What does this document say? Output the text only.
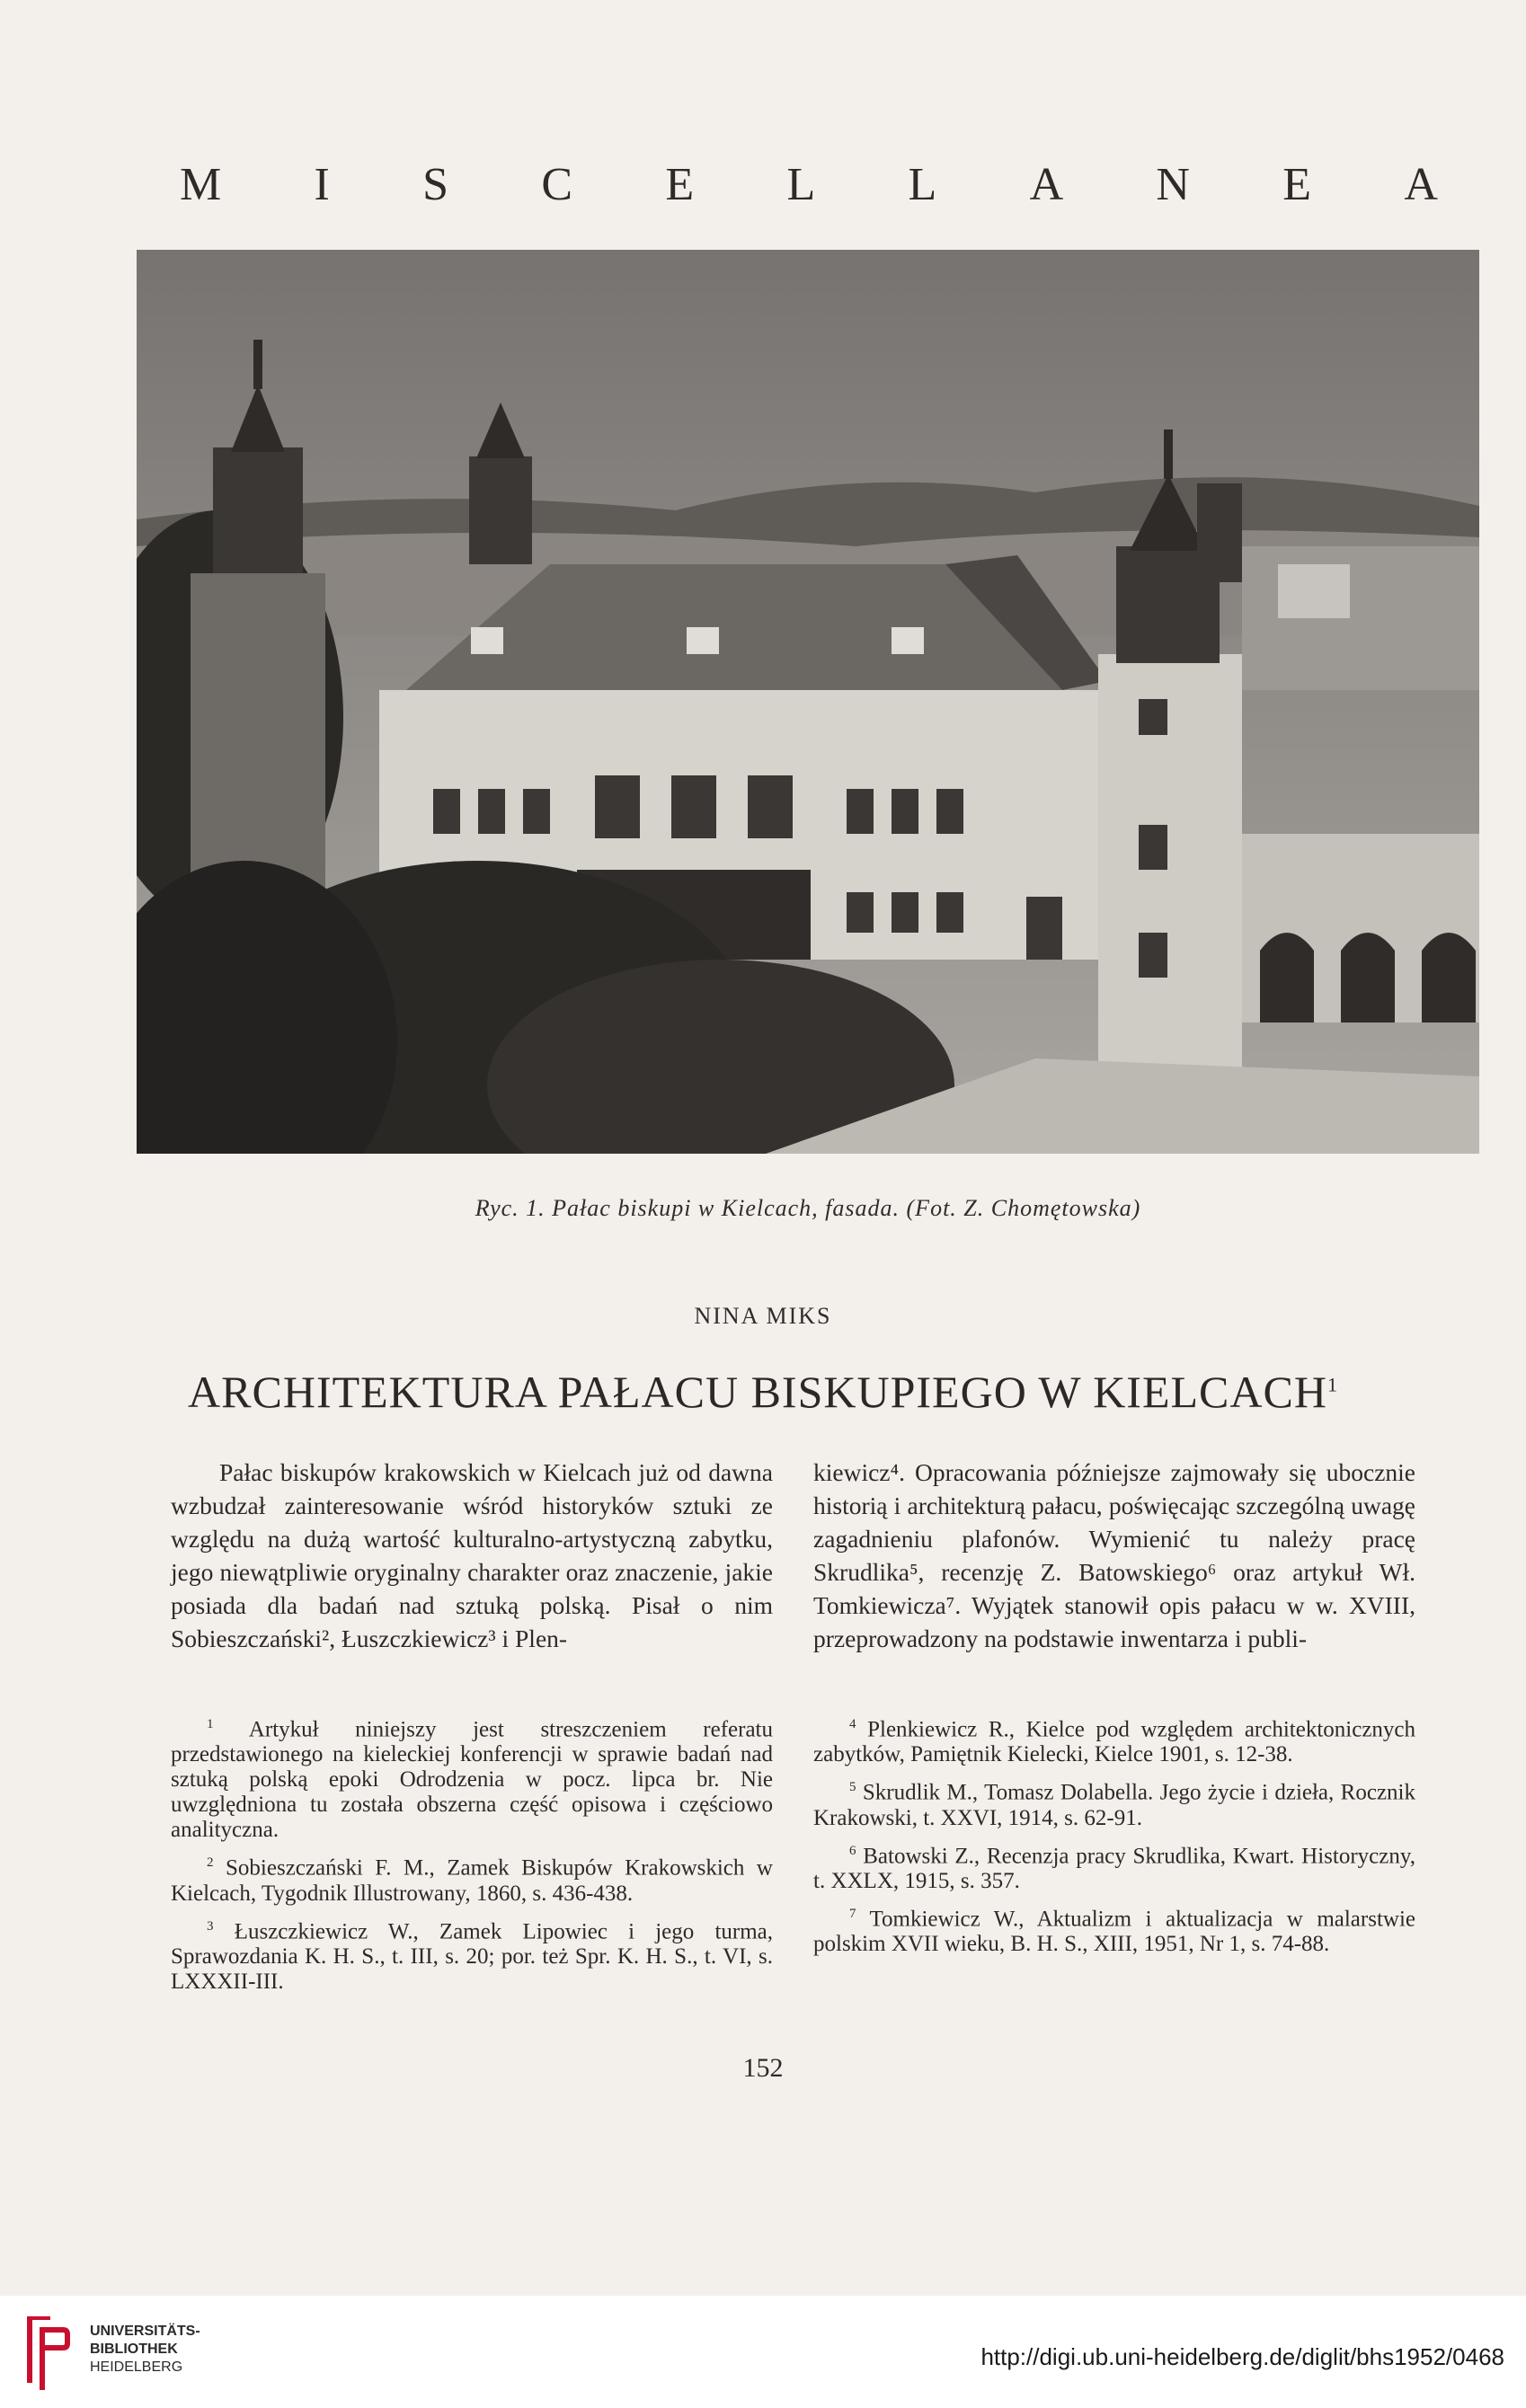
M I S C E L L A N E A
Ryc. 1. Pałac biskupi w Kielcach, fasada. (Fot. Z. Chomętowska)
NINA MIKS
ARCHITEKTURA PAŁACU BISKUPIEGO W KIELCACH$^1$

Pałac biskupów krakowskich w Kielcach już od dawna wzbudzał zainteresowanie wśród historyków sztuki ze względu na dużą wartość kulturalno-artystyczną zabytku, jego niewątpliwie oryginalny charakter oraz znaczenie, jakie posiada dla badań nad sztuką polską. Pisał o nim Sobieszczański², Łuszczkiewicz³ i Plen-

kiewicz⁴. Opracowania późniejsze zajmowały się ubocznie historią i architekturą pałacu, poświęcając szczególną uwagę zagadnieniu plafonów. Wymienić tu należy pracę Skrudlika⁵, recenzję Z. Batowskiego⁶ oraz artykuł Wł. Tomkiewicza⁷. Wyjątek stanowił opis pałacu w w. XVIII, przeprowadzony na podstawie inwentarza i publi-

$^1$ Artykuł niniejszy jest streszczeniem referatu przedstawionego na kieleckiej konferencji w sprawie badań nad sztuką polską epoki Odrodzenia w pocz. lipca br. Nie uwzględniona tu została obszerna część opisowa i częściowo analityczna.

$^2$ Sobieszczański F. M., Zamek Biskupów Krakowskich w Kielcach, Tygodnik Illustrowany, 1860, s. 436-438.

$^3$ Łuszczkiewicz W., Zamek Lipowiec i jego turma, Sprawozdania K. H. S., t. III, s. 20; por. też Spr. K. H. S., t. VI, s. LXXXII-III.

$^4$ Plenkiewicz R., Kielce pod względem architektonicznych zabytków, Pamiętnik Kielecki, Kielce 1901, s. 12-38.

$^5$ Skrudlik M., Tomasz Dolabella. Jego życie i dzieła, Rocznik Krakowski, t. XXVI, 1914, s. 62-91.

$^6$ Batowski Z., Recenzja pracy Skrudlika, Kwart. Historyczny, t. XXLX, 1915, s. 357.

$^7$ Tomkiewicz W., Aktualizm i aktualizacja w malarstwie polskim XVII wieku, B. H. S., XIII, 1951, Nr 1, s. 74-88.

152
UNIVERSITÄTS-
BIBLIOTHEK
HEIDELBERG	http://digi.ub.uni-heidelberg.de/diglit/bhs1952/0468
